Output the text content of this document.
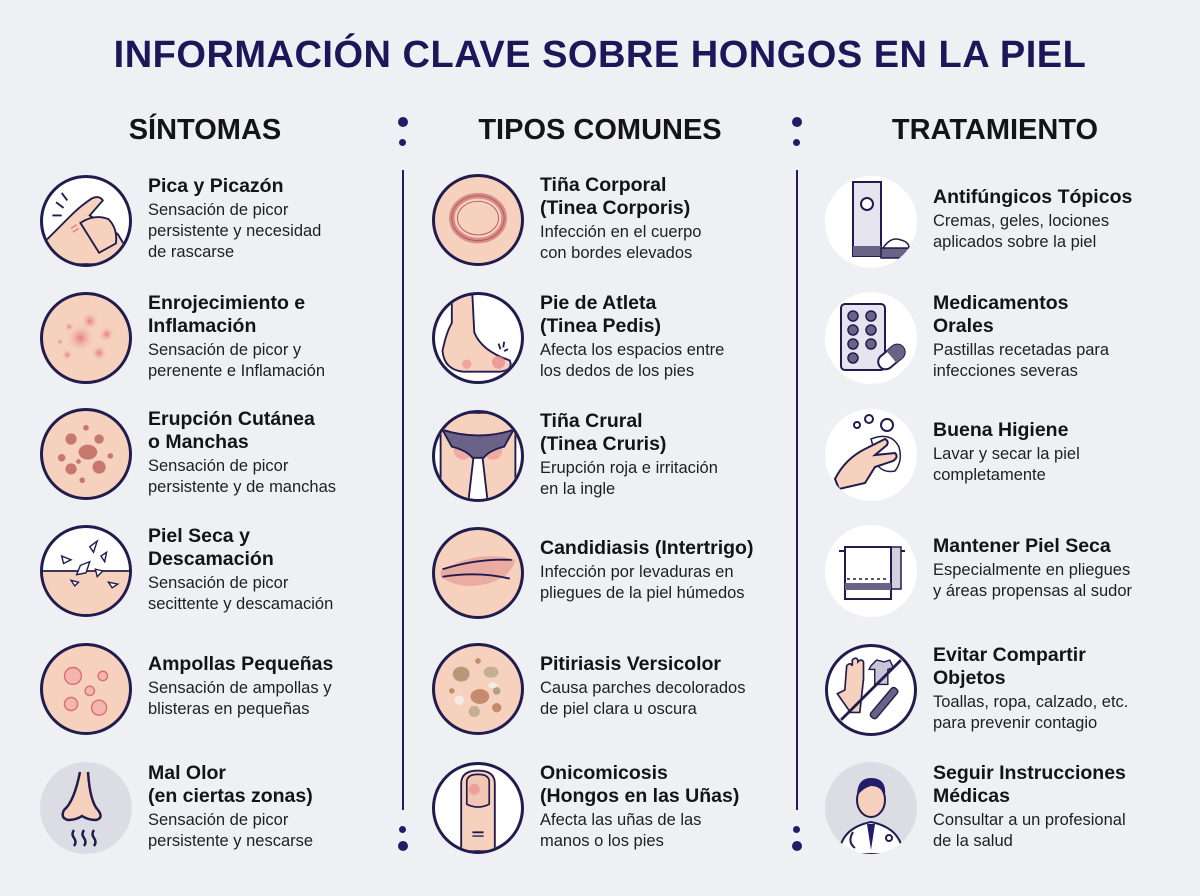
INFORMACIÓN CLAVE SOBRE HONGOS EN LA PIEL
SÍNTOMAS	TIPOS COMUNES	TRATAMIENTO
Pica y Picazón
Sensación de picor
persistente y necesidad
de rascarse
Enrojecimiento e
Inflamación
Sensación de picor y
perenente e Inflamación
Erupción Cutánea
o Manchas
Sensación de picor
persistente y de manchas
Piel Seca y
Descamación
Sensación de picor
secittente y descamación
Ampollas Pequeñas
Sensación de ampollas y
blisteras en pequeñas
Mal Olor
(en ciertas zonas)
Sensación de picor
persistente y nescarse
Tiña Corporal
(Tinea Corporis)
Infección en el cuerpo
con bordes elevados
Pie de Atleta
(Tinea Pedis)
Afecta los espacios entre
los dedos de los pies
Tiña Crural
(Tinea Cruris)
Erupción roja e irritación
en la ingle
Candidiasis (Intertrigo)
Infección por levaduras en
pliegues de la piel húmedos
Pitiriasis Versicolor
Causa parches decolorados
de piel clara u oscura
Onicomicosis
(Hongos en las Uñas)
Afecta las uñas de las
manos o los pies
Antifúngicos Tópicos
Cremas, geles, lociones
aplicados sobre la piel
Medicamentos
Orales
Pastillas recetadas para
infecciones severas
Buena Higiene
Lavar y secar la piel
completamente
Mantener Piel Seca
Especialmente en pliegues
y áreas propensas al sudor
Evitar Compartir
Objetos
Toallas, ropa, calzado, etc.
para prevenir contagio
Seguir Instrucciones
Médicas
Consultar a un profesional
de la salud
